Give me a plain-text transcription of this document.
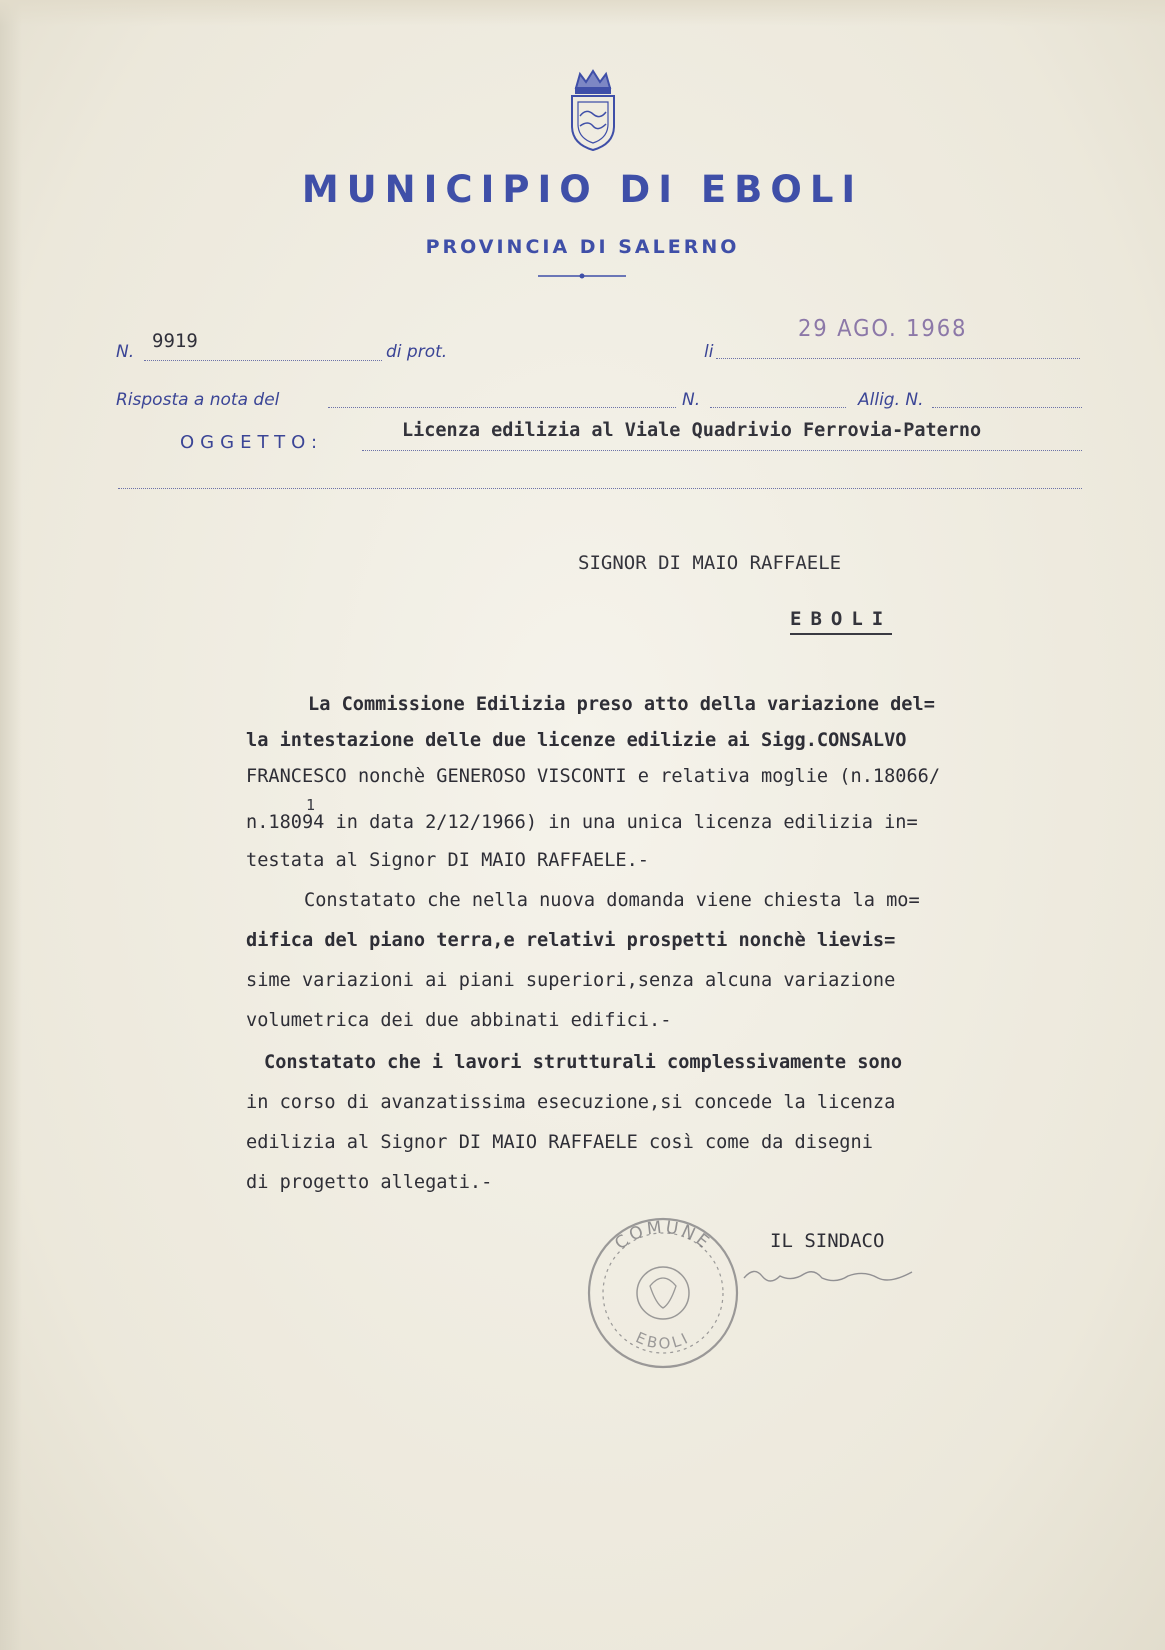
MUNICIPIO DI EBOLI
PROVINCIA DI SALERNO
N. 9919	di prot.	li
29 AGO. 1968
Risposta a nota del	N.	Allig. N.
OGGETTO:
Licenza edilizia al Viale Quadrivio Ferrovia-Paterno
SIGNOR DI MAIO RAFFAELE
EBOLI
La Commissione Edilizia preso atto della variazione del=
la intestazione delle due licenze edilizie ai Sigg.CONSALVO
FRANCESCO nonchè GENEROSO VISCONTI e relativa moglie (n.18066/
1
n.18094 in data 2/12/1966) in una unica licenza edilizia in=
testata al Signor DI MAIO RAFFAELE.-
Constatato che nella nuova domanda viene chiesta la mo=
difica del piano terra,e relativi prospetti nonchè lievis=
sime variazioni ai piani superiori,senza alcuna variazione
volumetrica dei due abbinati edifici.-
Constatato che i lavori strutturali complessivamente sono
in corso di avanzatissima esecuzione,si concede la licenza
edilizia al Signor DI MAIO RAFFAELE così come da disegni
di progetto allegati.-
COMUNE
EBOLI
IL SINDACO
